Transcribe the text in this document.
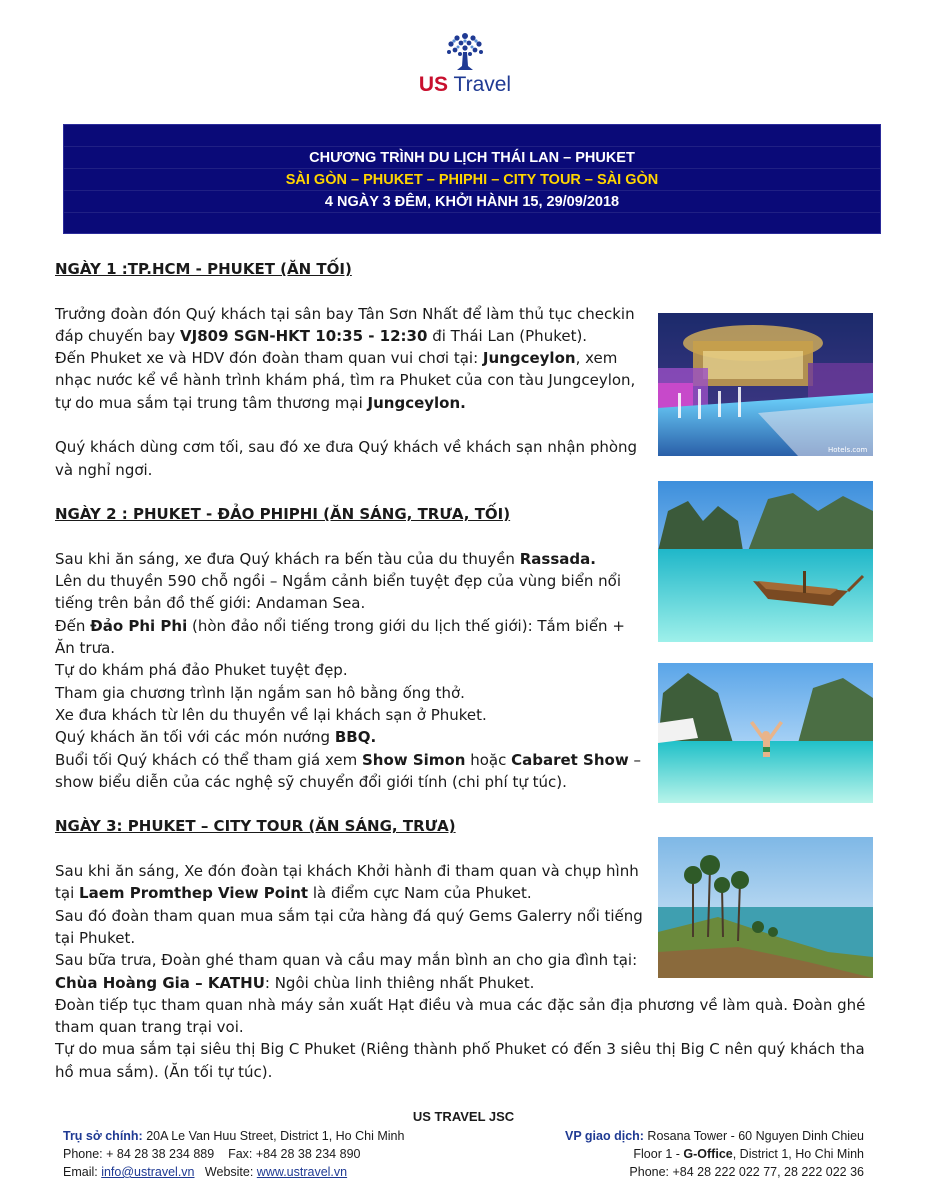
US Travel
CHƯƠNG TRÌNH DU LỊCH THÁI LAN – PHUKET
SÀI GÒN – PHUKET – PHIPHI – CITY TOUR – SÀI GÒN
4 NGÀY 3 ĐÊM, KHỞI HÀNH 15, 29/09/2018

NGÀY 1 :TP.HCM - PHUKET (ĂN TỐI)

Trưởng đoàn đón Quý khách tại sân bay Tân Sơn Nhất để làm thủ tục checkin đáp chuyến bay VJ809 SGN-HKT 10:35 - 12:30 đi Thái Lan (Phuket).

Đến Phuket xe và HDV đón đoàn tham quan vui chơi tại: Jungceylon, xem nhạc nước kể về hành trình khám phá, tìm ra Phuket của con tàu Jungceylon, tự do mua sắm tại trung tâm thương mại Jungceylon.

Quý khách dùng cơm tối, sau đó xe đưa Quý khách về khách sạn nhận phòng và nghỉ ngơi.

NGÀY 2 : PHUKET - ĐẢO PHIPHI (ĂN SÁNG, TRƯA, TỐI)

Sau khi ăn sáng, xe đưa Quý khách ra bến tàu của du thuyền Rassada.

Lên du thuyền 590 chỗ ngồi – Ngắm cảnh biển tuyệt đẹp của vùng biển nổi tiếng trên bản đồ thế giới: Andaman Sea.

Đến Đảo Phi Phi (hòn đảo nổi tiếng trong giới du lịch thế giới): Tắm biển + Ăn trưa.

Tự do khám phá đảo Phuket tuyệt đẹp.

Tham gia chương trình lặn ngắm san hô bằng ống thở.

Xe đưa khách từ lên du thuyền về lại khách sạn ở Phuket.

Quý khách ăn tối với các món nướng BBQ.

Buổi tối Quý khách có thể tham giá xem Show Simon hoặc Cabaret Show – show biểu diễn của các nghệ sỹ chuyển đổi giới tính (chi phí tự túc).

NGÀY 3: PHUKET – CITY TOUR (ĂN SÁNG, TRƯA)

Sau khi ăn sáng, Xe đón đoàn tại khách Khởi hành đi tham quan và chụp hình tại Laem Promthep View Point là điểm cực Nam của Phuket.

Sau đó đoàn tham quan mua sắm tại cửa hàng đá quý Gems Galerry nổi tiếng tại Phuket.

Sau bữa trưa, Đoàn ghé tham quan và cầu may mắn bình an cho gia đình tại: Chùa Hoàng Gia – KATHU: Ngôi chùa linh thiêng nhất Phuket.

Đoàn tiếp tục tham quan nhà máy sản xuất Hạt điều và mua các đặc sản địa phương về làm quà. Đoàn ghé tham quan trang trại voi.

Tự do mua sắm tại siêu thị Big C Phuket (Riêng thành phố Phuket có đến 3 siêu thị Big C nên quý khách tha hồ mua sắm). (Ăn tối tự túc).

Hotels.com
US TRAVEL JSC
Trụ sở chính: 20A Le Van Huu Street, District 1, Ho Chi Minh
Phone: + 84 28 38 234 889    Fax: +84 28 38 234 890
Email: info@ustravel.vn   Website: www.ustravel.vn
VP giao dịch: Rosana Tower - 60 Nguyen Dinh Chieu
Floor 1 - G-Office, District 1, Ho Chi Minh
Phone: +84 28 222 022 77, 28 222 022 36
